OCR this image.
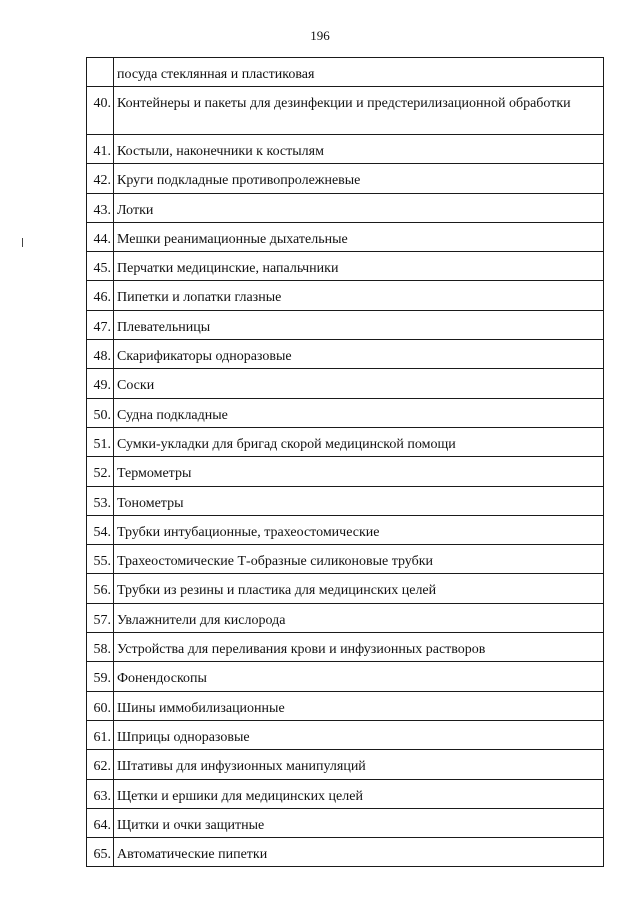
196
	посуда стеклянная и пластиковая
40.	Контейнеры и пакеты для дезинфекции и предстерилизационной обработки
41.	Костыли, наконечники к костылям
42.	Круги подкладные противопролежневые
43.	Лотки
44.	Мешки реанимационные дыхательные
45.	Перчатки медицинские, напальчники
46.	Пипетки и лопатки глазные
47.	Плевательницы
48.	Скарификаторы одноразовые
49.	Соски
50.	Судна подкладные
51.	Сумки-укладки для бригад скорой медицинской помощи
52.	Термометры
53.	Тонометры
54.	Трубки интубационные, трахеостомические
55.	Трахеостомические Т-образные силиконовые трубки
56.	Трубки из резины и пластика для медицинских целей
57.	Увлажнители для кислорода
58.	Устройства для переливания крови и инфузионных растворов
59.	Фонендоскопы
60.	Шины иммобилизационные
61.	Шприцы одноразовые
62.	Штативы для инфузионных манипуляций
63.	Щетки и ершики для медицинских целей
64.	Щитки и очки защитные
65.	Автоматические пипетки
